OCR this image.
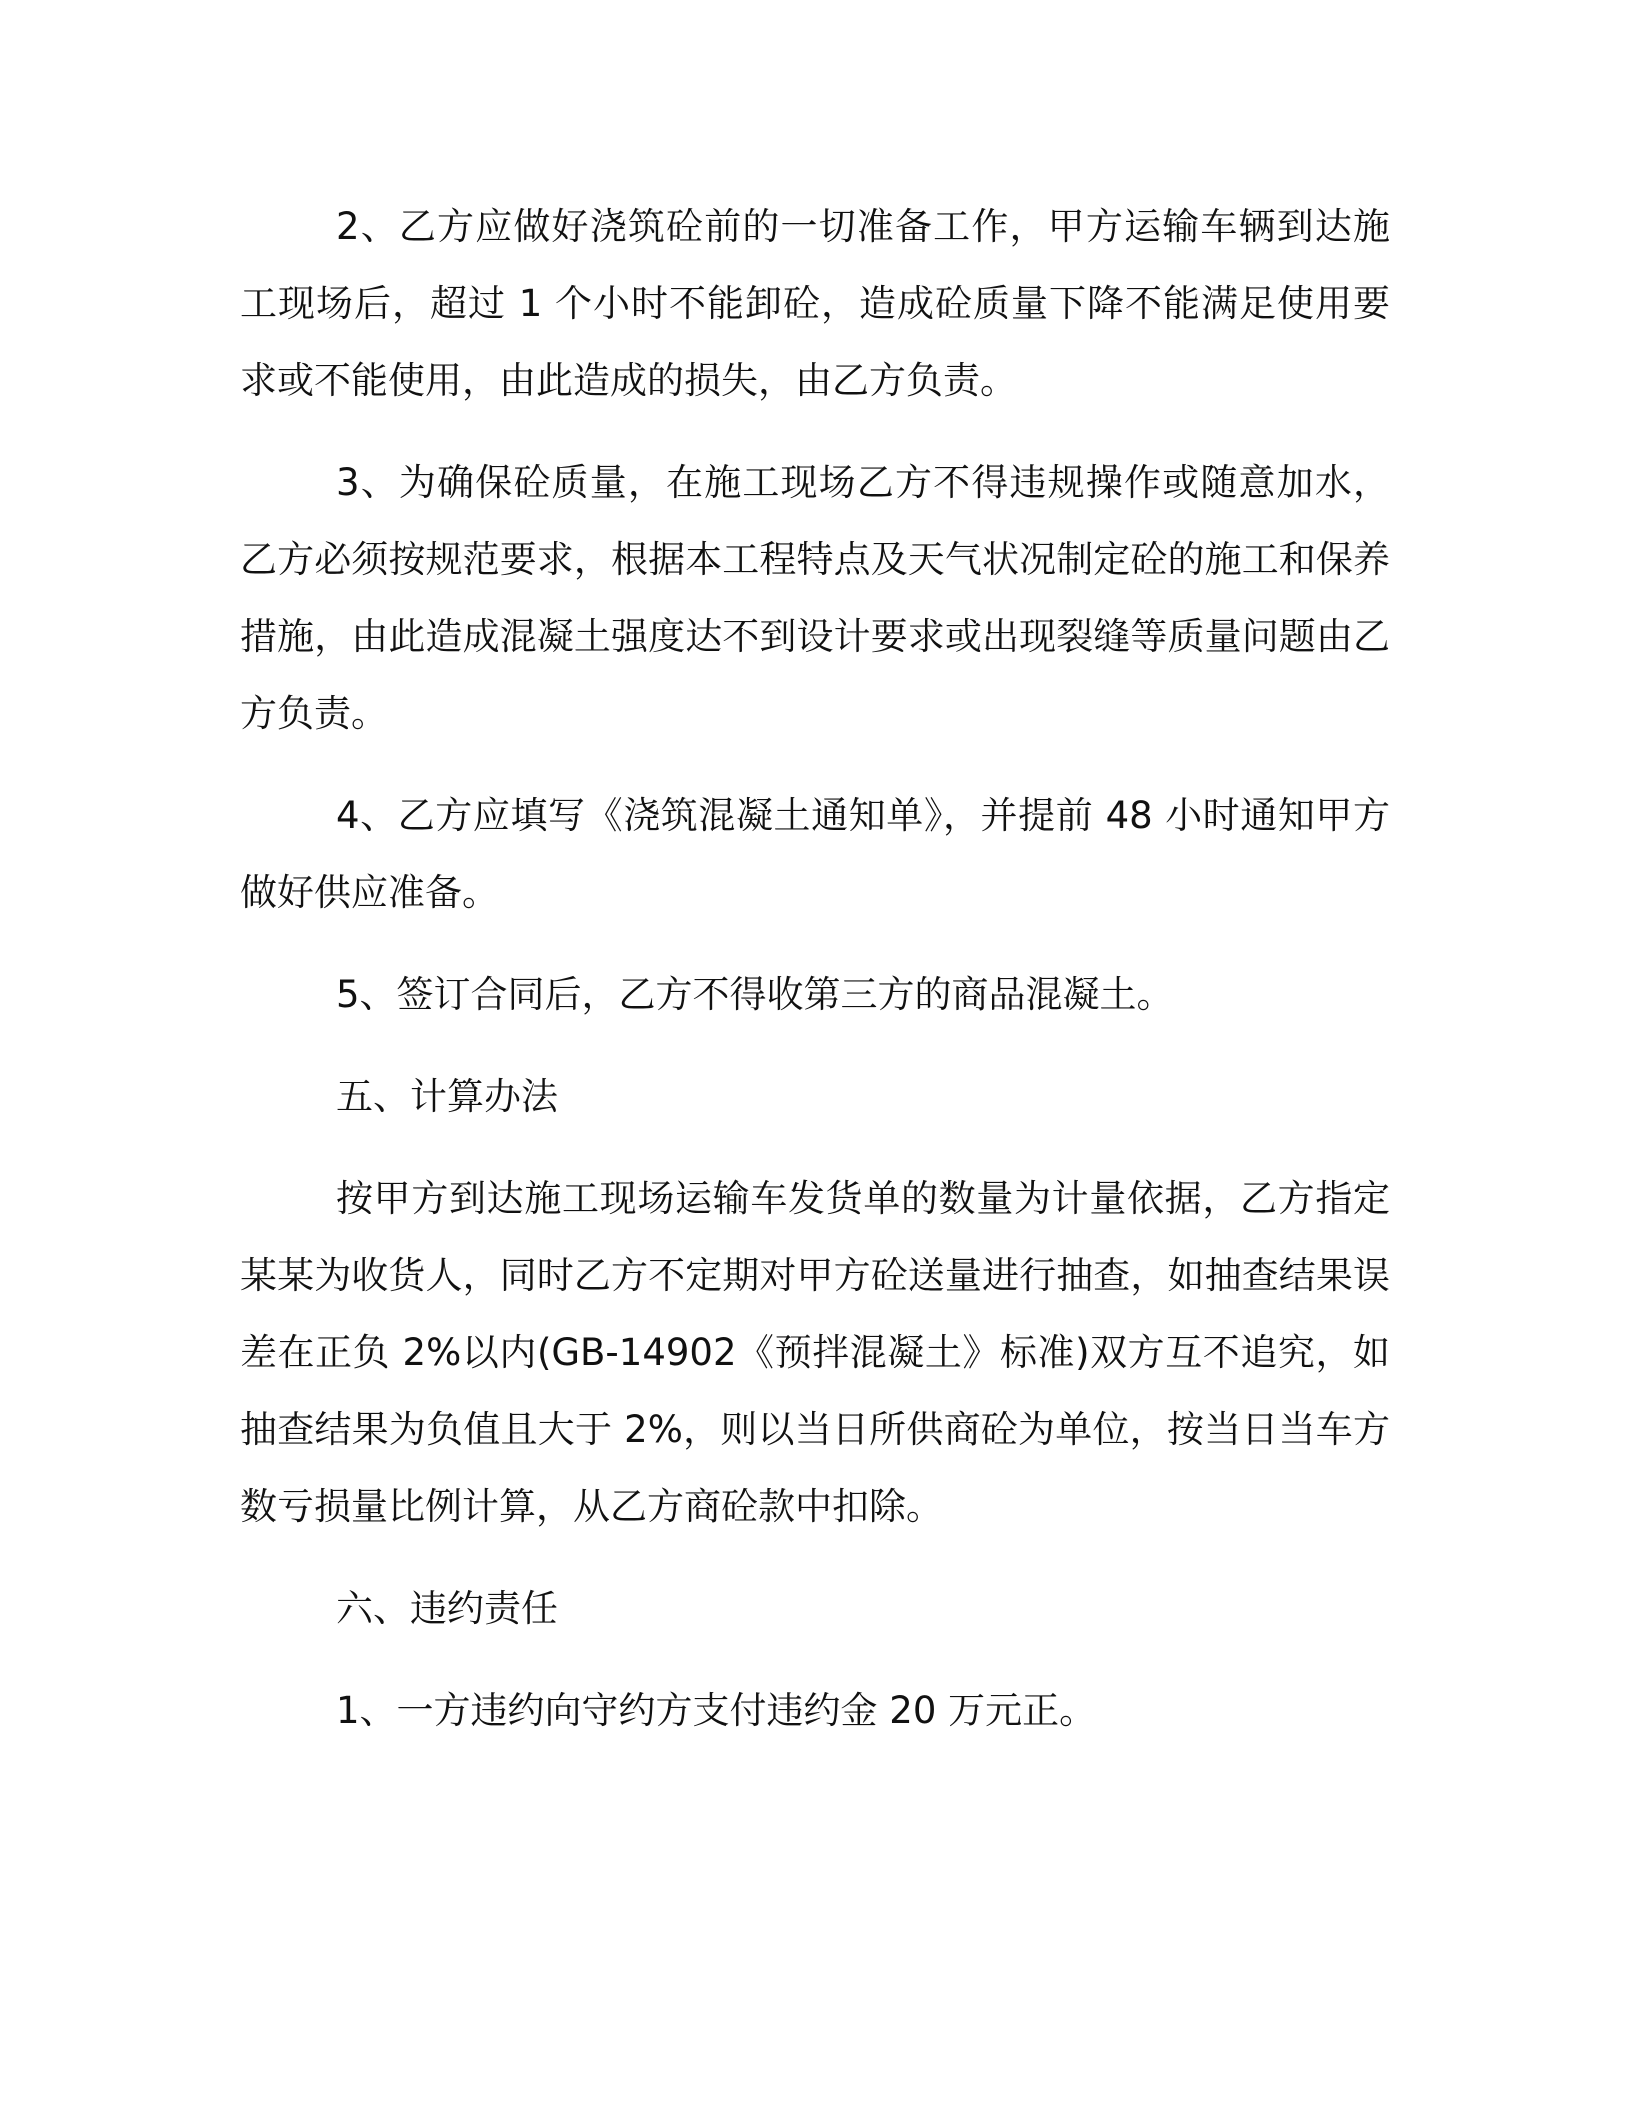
2、乙方应做好浇筑砼前的一切准备工作，甲方运输车辆到达施工现场后，超过 1 个小时不能卸砼，造成砼质量下降不能满足使用要求或不能使用，由此造成的损失，由乙方负责。

3、为确保砼质量，在施工现场乙方不得违规操作或随意加水，乙方必须按规范要求，根据本工程特点及天气状况制定砼的施工和保养措施，由此造成混凝土强度达不到设计要求或出现裂缝等质量问题由乙方负责。

4、乙方应填写《浇筑混凝土通知单》，并提前 48 小时通知甲方做好供应准备。

5、签订合同后，乙方不得收第三方的商品混凝土。

五、计算办法

按甲方到达施工现场运输车发货单的数量为计量依据，乙方指定某某为收货人，同时乙方不定期对甲方砼送量进行抽查，如抽查结果误差在正负 2%以内(GB-14902《预拌混凝土》标准)双方互不追究，如抽查结果为负值且大于 2%，则以当日所供商砼为单位，按当日当车方数亏损量比例计算，从乙方商砼款中扣除。

六、违约责任

1、一方违约向守约方支付违约金 20 万元正。
